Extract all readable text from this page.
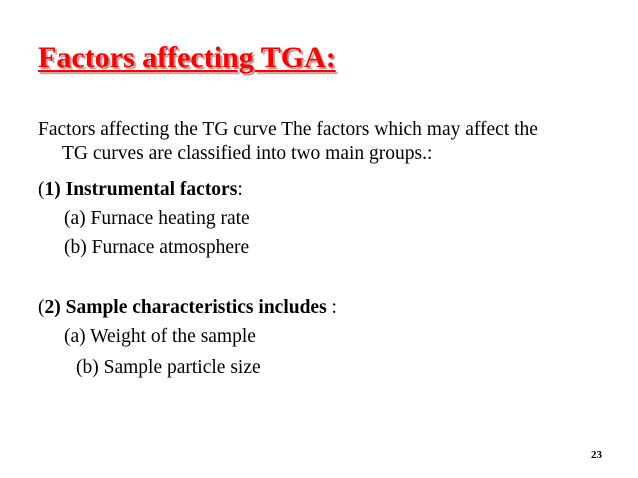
Factors affecting TGA:
Factors affecting the TG curve The factors which may affect the
TG curves are classified into two main groups.:
(1) Instrumental factors:
(a) Furnace heating rate
(b) Furnace atmosphere
(2) Sample characteristics includes :
(a) Weight of the sample
(b) Sample particle size
23
